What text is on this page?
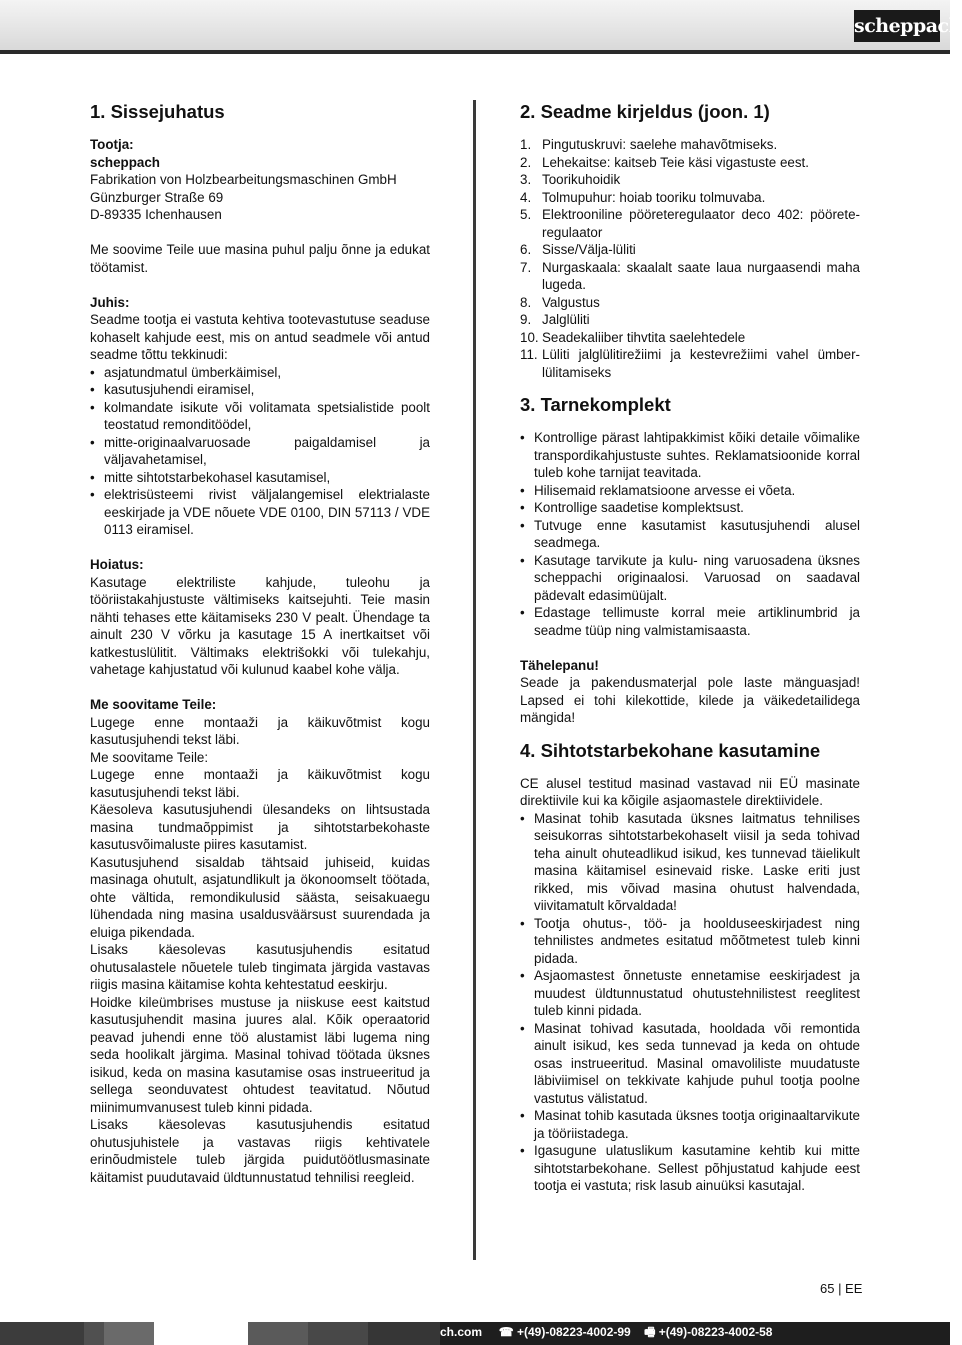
scheppach
1. Sissejuhatus

Tootja:

scheppach

Fabrikation von Holzbearbeitungsmaschinen GmbH

Günzburger Straße 69

D-89335 Ichenhausen

Me soovime Teile uue masina puhul palju õnne ja edukat töötamist.

Juhis:

Seadme tootja ei vastuta kehtiva tootevastutuse seaduse kohaselt kahjude eest, mis on antud seadmele või antud seadme tõttu tekkinudi:

• asjatundmatul ümberkäimisel,
• kasutusjuhendi eiramisel,
• kolmandate isikute või volitamata spetsialistide poolt teostatud remonditöödel,
• mitte-originaalvaruosade paigaldamisel ja väljavahetamisel,
• mitte sihtotstarbekohasel kasutamisel,
• elektrisüsteemi rivist väljalangemisel elektrialaste eeskirjade ja VDE nõuete VDE 0100, DIN 57113 / VDE 0113 eiramisel.

Hoiatus:

Kasutage elektriliste kahjude, tuleohu ja tööriistakahjustuste vältimiseks kaitsejuhti. Teie masin nähti tehases ette käitamiseks 230 V pealt. Ühendage ta ainult 230 V võrku ja kasutage 15 A inertkaitset või katkestuslülitit. Vältimaks elektrišokki või tulekahju, vahetage kahjustatud või kulunud kaabel kohe välja.

Me soovitame Teile:

Lugege enne montaaži ja käikuvõtmist kogu kasutusjuhendi tekst läbi.

Me soovitame Teile:

Lugege enne montaaži ja käikuvõtmist kogu kasutusjuhendi tekst läbi.

Käesoleva kasutusjuhendi ülesandeks on lihtsustada masina tundmaõppimist ja sihtotstarbekohaste kasutusvõimaluste piires kasutamist.

Kasutusjuhend sisaldab tähtsaid juhiseid, kuidas masinaga ohutult, asjatundlikult ja ökonoomselt töötada, ohte vältida, remondikulusid säästa, seisakuaegu lühendada ning masina usaldusväärsust suurendada ja eluiga pikendada.

Lisaks käesolevas kasutusjuhendis esitatud ohutusalastele nõuetele tuleb tingimata järgida vastavas riigis masina käitamise kohta kehtestatud eeskirju.

Hoidke kileümbrises mustuse ja niiskuse eest kaitstud kasutusjuhendit masina juures alal. Kõik operaatorid peavad juhendi enne töö alustamist läbi lugema ning seda hoolikalt järgima. Masinal tohivad töötada üksnes isikud, keda on masina kasutamise osas instrueeritud ja sellega seonduvatest ohtudest teavitatud. Nõutud miinimumvanusest tuleb kinni pidada.

Lisaks käesolevas kasutusjuhendis esitatud ohutusjuhistele ja vastavas riigis kehtivatele erinõudmistele tuleb järgida puidutöötlusmasinate käitamist puudutavaid üldtunnustatud tehnilisi reegleid.

2. Seadme kirjeldus (joon. 1)
1. Pingutuskruvi: saelehe mahavõtmiseks.
2. Lehekaitse: kaitseb Teie käsi vigastuste eest.
3. Toorikuhoidik
4. Tolmupuhur: hoiab tooriku tolmuvaba.
5. Elektrooniline pööreteregulaator deco 402: pööreteregulaator
6. Sisse/Välja-lüliti
7. Nurgaskaala: skaalalt saate laua nurgaasendi maha lugeda.
8. Valgustus
9. Jalglüliti
10. Seadekaliiber tihvtita saelehtedele
11. Lüliti jalglülitirežiimi ja kestevrežiimi vahel ümberlülitamiseks
3. Tarnekomplekt
• Kontrollige pärast lahtipakkimist kõiki detaile võimalike transpordikahjustuste suhtes. Reklamatsioonide korral tuleb kohe tarnijat teavitada.
• Hilisemaid reklamatsioone arvesse ei võeta.
• Kontrollige saadetise komplektsust.
• Tutvuge enne kasutamist kasutusjuhendi alusel seadmega.
• Kasutage tarvikute ja kulu- ning varuosadena üksnes scheppachi originaalosi. Varuosad on saadaval pädevalt edasimüüjalt.
• Edastage tellimuste korral meie artiklinumbrid ja seadme tüüp ning valmistamisaasta.

Tähelepanu!

Seade ja pakendusmaterjal pole laste mänguasjad! Lapsed ei tohi kilekottide, kilede ja väikedetailidega mängida!

4. Sihtotstarbekohane kasutamine

CE alusel testitud masinad vastavad nii EÜ masinate direktiivile kui ka kõigile asjaomastele direktiividele.

• Masinat tohib kasutada üksnes laitmatus tehnilises seisukorras sihtotstarbekohaselt viisil ja seda tohivad teha ainult ohuteadlikud isikud, kes tunnevad täielikult masina käitamisel esinevaid riske. Laske eriti just rikked, mis võivad masina ohutust halvendada, viivitamatult kõrvaldada!
• Tootja ohutus-, töö- ja hoolduseeskirjadest ning tehnilistes andmetes esitatud mõõtmetest tuleb kinni pidada.
• Asjaomastest õnnetuste ennetamise eeskirjadest ja muudest üldtunnustatud ohutustehnilistest reeglitest tuleb kinni pidada.
• Masinat tohivad kasutada, hooldada või remontida ainult isikud, kes seda tunnevad ja keda on ohtude osas instrueeritud. Masinal omavoliliste muudatuste läbiviimisel on tekkivate kahjude puhul tootja poolne vastutus välistatud.
• Masinat tohib kasutada üksnes tootja originaaltarvikute ja tööriistadega.
• Igasugune ulatuslikum kasutamine kehtib kui mitte sihtotstarbekohane. Sellest põhjustatud kahjude eest tootja ei vastuta; risk lasub ainuüksi kasutajal.
65 | EE
ch.com ☎ +(49)-08223-4002-99 🖷 +(49)-08223-4002-58
